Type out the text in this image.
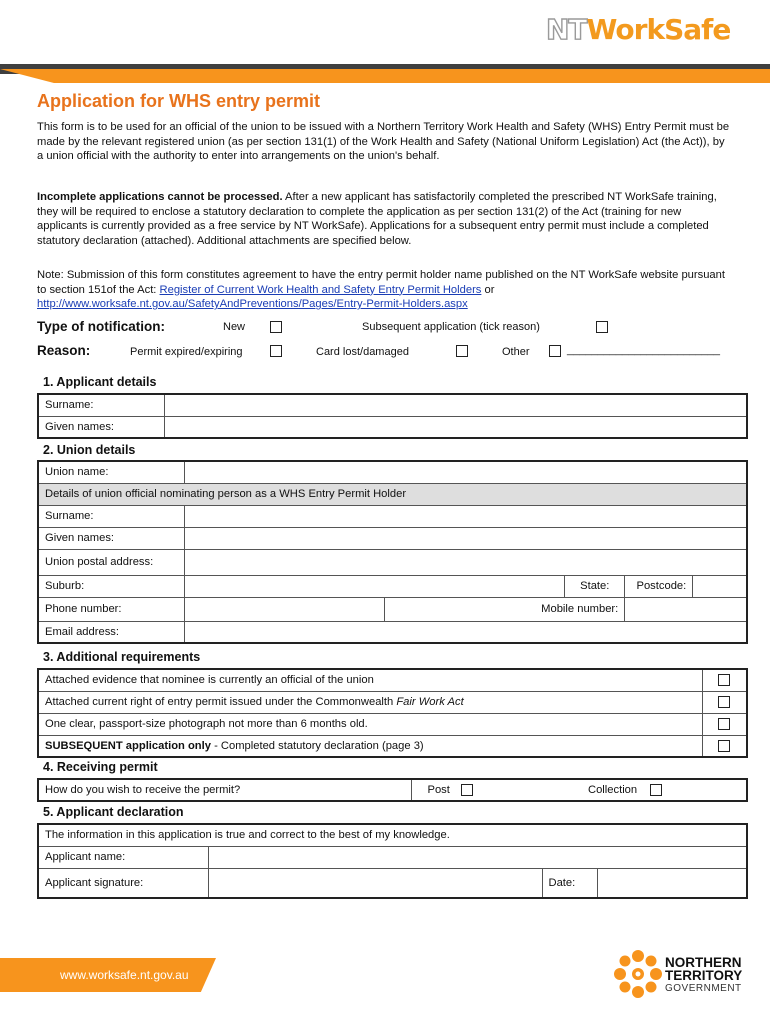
NTWorkSafe
Application for WHS entry permit
This form is to be used for an official of the union to be issued with a Northern Territory Work Health and Safety (WHS) Entry Permit must be made by the relevant registered union (as per section 131(1) of the Work Health and Safety (National Uniform Legislation) Act (the Act)), by a union official with the authority to enter into arrangements on the union's behalf.
Incomplete applications cannot be processed. After a new applicant has satisfactorily completed the prescribed NT WorkSafe training, they will be required to enclose a statutory declaration to complete the application as per section 131(2) of the Act (training for new applicants is currently provided as a free service by NT WorkSafe). Applications for a subsequent entry permit must include a completed statutory declaration (attached). Additional attachments are specified below.
Note: Submission of this form constitutes agreement to have the entry permit holder name published on the NT WorkSafe website pursuant to section 151of the Act: Register of Current Work Health and Safety Entry Permit Holders or
http://www.worksafe.nt.gov.au/SafetyAndPreventions/Pages/Entry-Permit-Holders.aspx
Type of notification:	New	Subsequent application (tick reason)
Reason:	Permit expired/expiring	Card lost/damaged	Other	_________________________
1. Applicant details
Surname:	
Given names:	
2. Union details
Union name:					
Details of union official nominating person as a WHS Entry Permit Holder					
Surname:					
Given names:					
Union postal address:					
Suburb:			State:	Postcode:	
Phone number:		Mobile number:			
Email address:					
3. Additional requirements
Attached evidence that nominee is currently an official of the union	
Attached current right of entry permit issued under the Commonwealth Fair Work Act	
One clear, passport-size photograph not more than 6 months old.	
SUBSEQUENT application only - Completed statutory declaration (page 3)	
4. Receiving permit
How do you wish to receive the permit?	Post	Collection
5. Applicant declaration
The information in this application is true and correct to the best of my knowledge.			
Applicant name:			
Applicant signature:		Date:	
www.worksafe.nt.gov.au
NORTHERN
TERRITORY
GOVERNMENT
